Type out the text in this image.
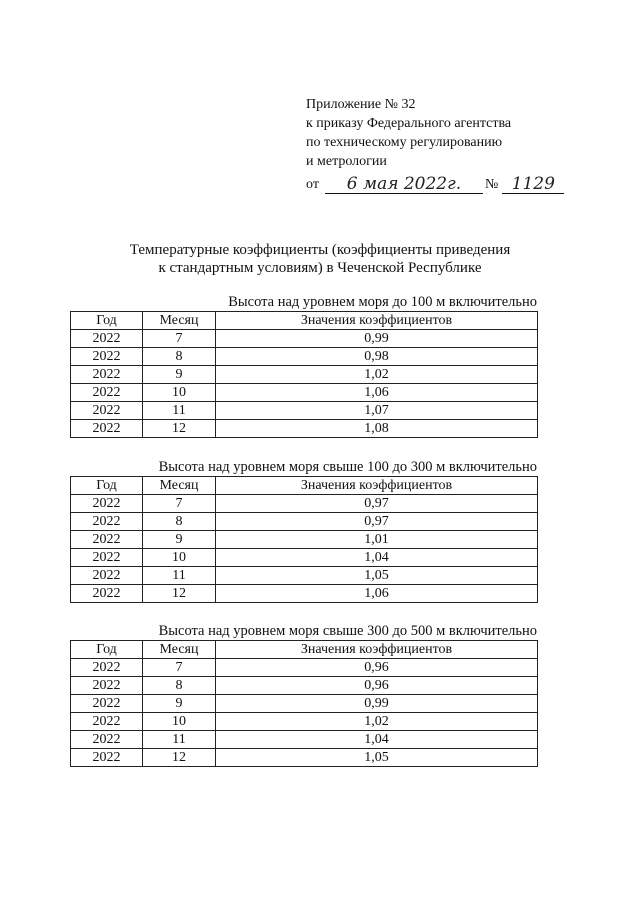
Приложение № 32
к приказу Федерального агентства
по техническому регулированию
и метрологии
от	6 мая 2022г.	№ 1129
Температурные коэффициенты (коэффициенты приведения
к стандартным условиям) в Чеченской Республике
Высота над уровнем моря до 100 м включительно
Год	Месяц	Значения коэффициентов
2022	7	0,99
2022	8	0,98
2022	9	1,02
2022	10	1,06
2022	11	1,07
2022	12	1,08
Высота над уровнем моря свыше 100 до 300 м включительно
Год	Месяц	Значения коэффициентов
2022	7	0,97
2022	8	0,97
2022	9	1,01
2022	10	1,04
2022	11	1,05
2022	12	1,06
Высота над уровнем моря свыше 300 до 500 м включительно
Год	Месяц	Значения коэффициентов
2022	7	0,96
2022	8	0,96
2022	9	0,99
2022	10	1,02
2022	11	1,04
2022	12	1,05
